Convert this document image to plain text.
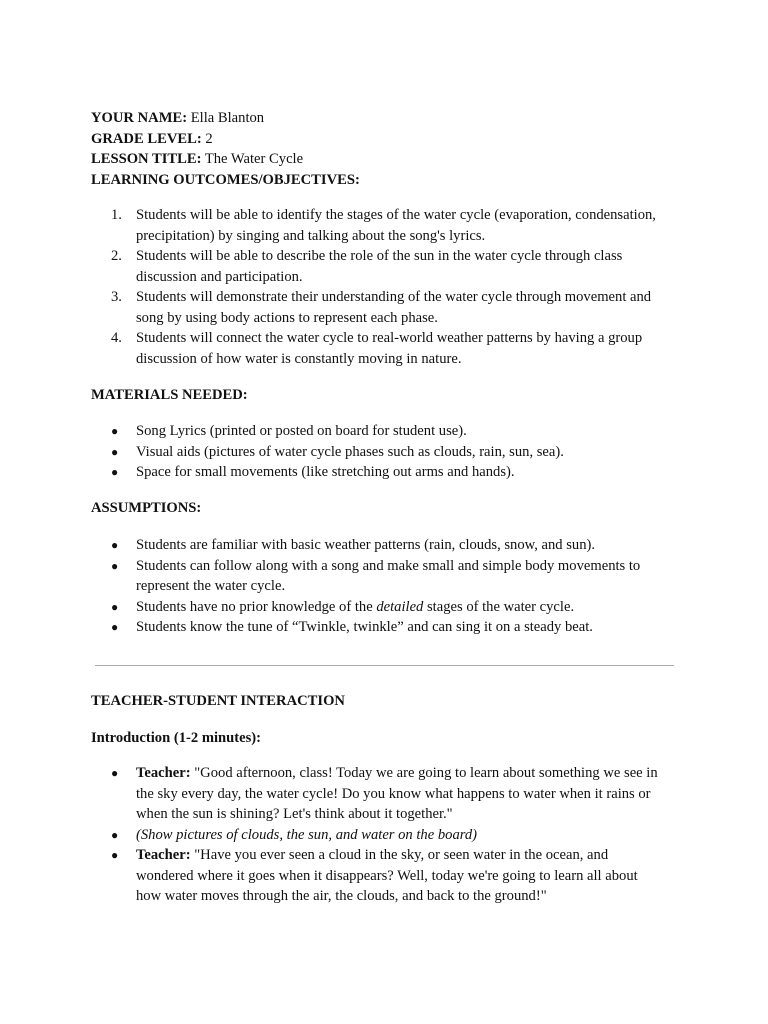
YOUR NAME: Ella Blanton
GRADE LEVEL: 2
LESSON TITLE: The Water Cycle
LEARNING OUTCOMES/OBJECTIVES:
1. Students will be able to identify the stages of the water cycle (evaporation, condensation,
precipitation) by singing and talking about the song's lyrics.
2. Students will be able to describe the role of the sun in the water cycle through class
discussion and participation.
3. Students will demonstrate their understanding of the water cycle through movement and
song by using body actions to represent each phase.
4. Students will connect the water cycle to real-world weather patterns by having a group
discussion of how water is constantly moving in nature.
MATERIALS NEEDED:
●	Song Lyrics (printed or posted on board for student use).
●	Visual aids (pictures of water cycle phases such as clouds, rain, sun, sea).
●	Space for small movements (like stretching out arms and hands).
ASSUMPTIONS:
●	Students are familiar with basic weather patterns (rain, clouds, snow, and sun).
●	Students can follow along with a song and make small and simple body movements to
represent the water cycle.
●	Students have no prior knowledge of the detailed stages of the water cycle.
●	Students know the tune of “Twinkle, twinkle” and can sing it on a steady beat.
TEACHER-STUDENT INTERACTION
Introduction (1-2 minutes):
●	Teacher: "Good afternoon, class! Today we are going to learn about something we see in
the sky every day, the water cycle! Do you know what happens to water when it rains or
when the sun is shining? Let's think about it together."
●	(Show pictures of clouds, the sun, and water on the board)
●	Teacher: "Have you ever seen a cloud in the sky, or seen water in the ocean, and
wondered where it goes when it disappears? Well, today we're going to learn all about
how water moves through the air, the clouds, and back to the ground!"
